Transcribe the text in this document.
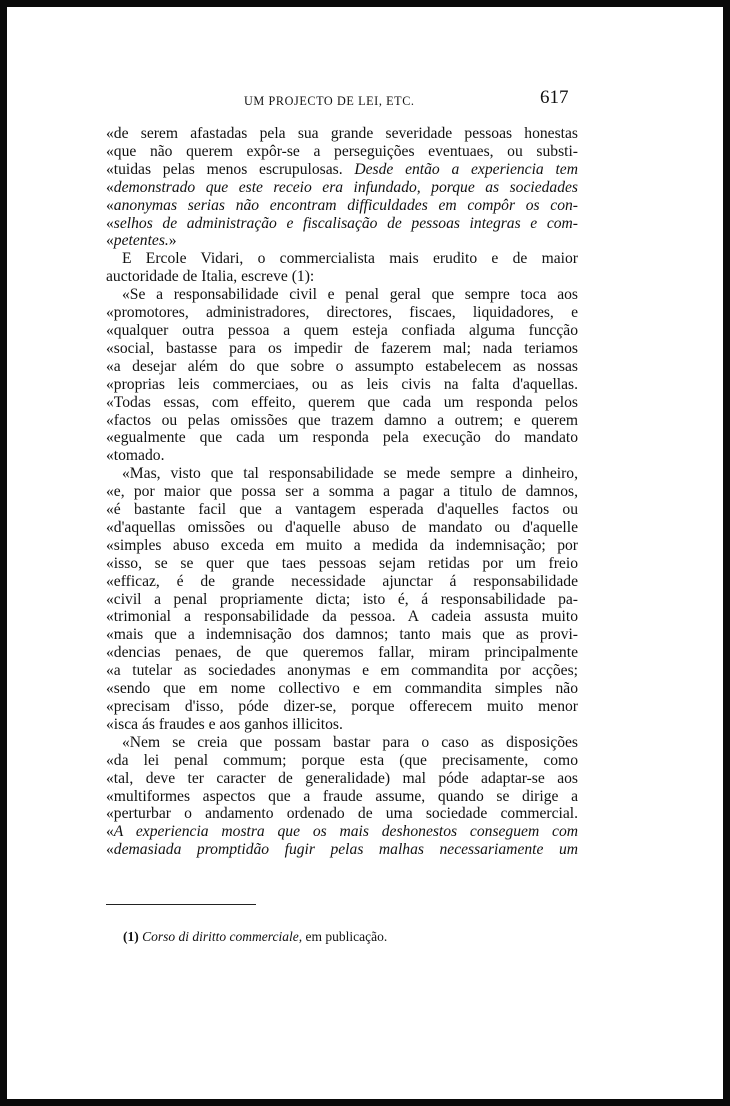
UM PROJECTO DE LEI, ETC.	617
«de serem afastadas pela sua grande severidade pessoas honestas
«que não querem expôr-se a perseguições eventuaes, ou substi-
«tuidas pelas menos escrupulosas. Desde então a experiencia tem
«demonstrado que este receio era infundado, porque as sociedades
«anonymas serias não encontram difficuldades em compôr os con-
«selhos de administração e fiscalisação de pessoas integras e com-
«petentes.»
E Ercole Vidari, o commercialista mais erudito e de maior
auctoridade de Italia, escreve (1):
«Se a responsabilidade civil e penal geral que sempre toca aos
«promotores, administradores, directores, fiscaes, liquidadores, e
«qualquer outra pessoa a quem esteja confiada alguma funcção
«social, bastasse para os impedir de fazerem mal; nada teriamos
«a desejar além do que sobre o assumpto estabelecem as nossas
«proprias leis commerciaes, ou as leis civis na falta d'aquellas.
«Todas essas, com effeito, querem que cada um responda pelos
«factos ou pelas omissões que trazem damno a outrem; e querem
«egualmente que cada um responda pela execução do mandato
«tomado.
«Mas, visto que tal responsabilidade se mede sempre a dinheiro,
«e, por maior que possa ser a somma a pagar a titulo de damnos,
«é bastante facil que a vantagem esperada d'aquelles factos ou
«d'aquellas omissões ou d'aquelle abuso de mandato ou d'aquelle
«simples abuso exceda em muito a medida da indemnisação; por
«isso, se se quer que taes pessoas sejam retidas por um freio
«efficaz, é de grande necessidade ajunctar á responsabilidade
«civil a penal propriamente dicta; isto é, á responsabilidade pa-
«trimonial a responsabilidade da pessoa. A cadeia assusta muito
«mais que a indemnisação dos damnos; tanto mais que as provi-
«dencias penaes, de que queremos fallar, miram principalmente
«a tutelar as sociedades anonymas e em commandita por acções;
«sendo que em nome collectivo e em commandita simples não
«precisam d'isso, póde dizer-se, porque offerecem muito menor
«isca ás fraudes e aos ganhos illicitos.
«Nem se creia que possam bastar para o caso as disposições
«da lei penal commum; porque esta (que precisamente, como
«tal, deve ter caracter de generalidade) mal póde adaptar-se aos
«multiformes aspectos que a fraude assume, quando se dirige a
«perturbar o andamento ordenado de uma sociedade commercial.
«A experiencia mostra que os mais deshonestos conseguem com
«demasiada promptidão fugir pelas malhas necessariamente um
(1) Corso di diritto commerciale, em publicação.
